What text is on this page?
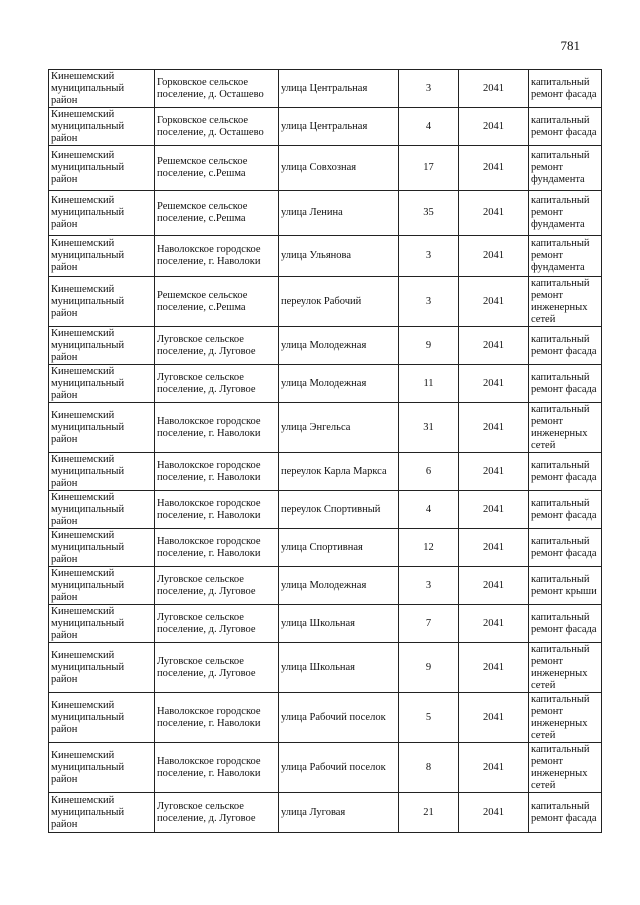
781
Кинешемский муниципальный район	Горковское сельское поселение, д. Осташево	улица Центральная	3	2041	капитальный ремонт фасада
Кинешемский муниципальный район	Горковское сельское поселение, д. Осташево	улица Центральная	4	2041	капитальный ремонт фасада
Кинешемский муниципальный район	Решемское сельское поселение, с.Решма	улица Совхозная	17	2041	капитальный ремонт фундамента
Кинешемский муниципальный район	Решемское сельское поселение, с.Решма	улица Ленина	35	2041	капитальный ремонт фундамента
Кинешемский муниципальный район	Наволокское городское поселение, г. Наволоки	улица Ульянова	3	2041	капитальный ремонт фундамента
Кинешемский муниципальный район	Решемское сельское поселение, с.Решма	переулок Рабочий	3	2041	капитальный ремонт инженерных сетей
Кинешемский муниципальный район	Луговское сельское поселение, д. Луговое	улица Молодежная	9	2041	капитальный ремонт фасада
Кинешемский муниципальный район	Луговское сельское поселение, д. Луговое	улица Молодежная	11	2041	капитальный ремонт фасада
Кинешемский муниципальный район	Наволокское городское поселение, г. Наволоки	улица Энгельса	31	2041	капитальный ремонт инженерных сетей
Кинешемский муниципальный район	Наволокское городское поселение, г. Наволоки	переулок Карла Маркса	6	2041	капитальный ремонт фасада
Кинешемский муниципальный район	Наволокское городское поселение, г. Наволоки	переулок Спортивный	4	2041	капитальный ремонт фасада
Кинешемский муниципальный район	Наволокское городское поселение, г. Наволоки	улица Спортивная	12	2041	капитальный ремонт фасада
Кинешемский муниципальный район	Луговское сельское поселение, д. Луговое	улица Молодежная	3	2041	капитальный ремонт крыши
Кинешемский муниципальный район	Луговское сельское поселение, д. Луговое	улица Школьная	7	2041	капитальный ремонт фасада
Кинешемский муниципальный район	Луговское сельское поселение, д. Луговое	улица Школьная	9	2041	капитальный ремонт инженерных сетей
Кинешемский муниципальный район	Наволокское городское поселение, г. Наволоки	улица Рабочий поселок	5	2041	капитальный ремонт инженерных сетей
Кинешемский муниципальный район	Наволокское городское поселение, г. Наволоки	улица Рабочий поселок	8	2041	капитальный ремонт инженерных сетей
Кинешемский муниципальный район	Луговское сельское поселение, д. Луговое	улица Луговая	21	2041	капитальный ремонт фасада
